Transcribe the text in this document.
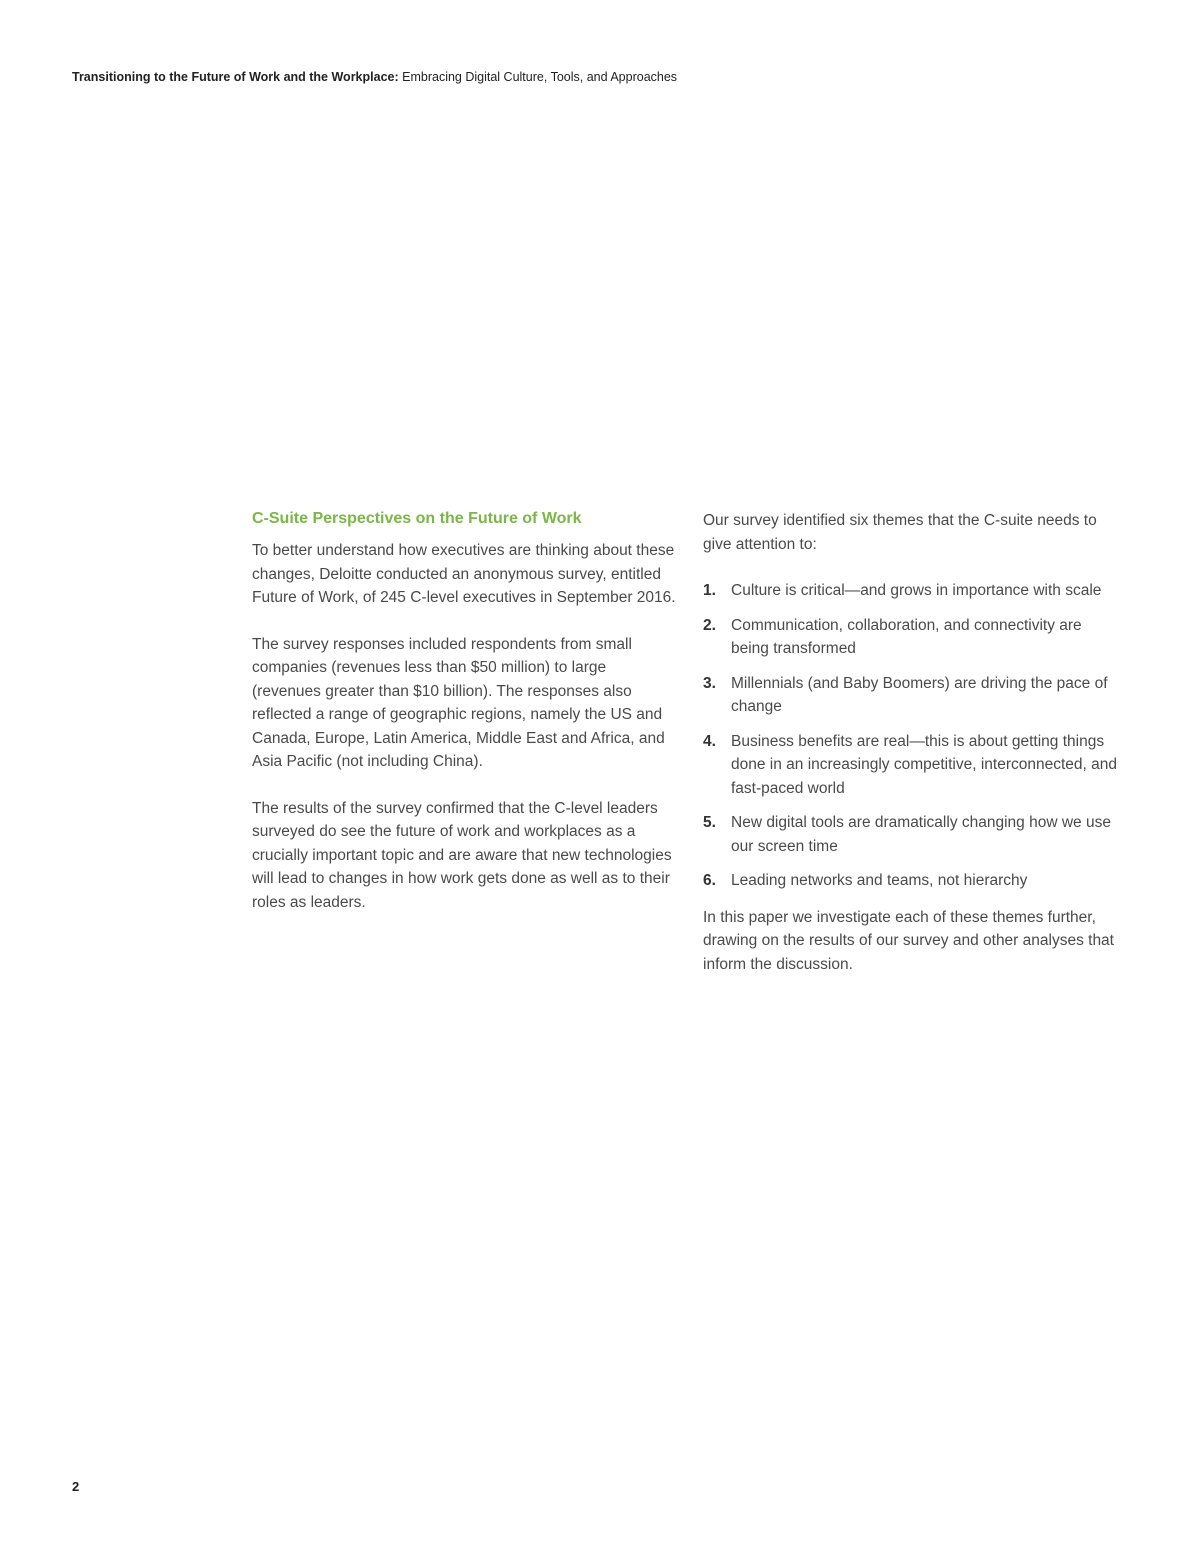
Transitioning to the Future of Work and the Workplace: Embracing Digital Culture, Tools, and Approaches
C-Suite Perspectives on the Future of Work

To better understand how executives are thinking about these changes, Deloitte conducted an anonymous survey, entitled Future of Work, of 245 C-level executives in September 2016.

The survey responses included respondents from small companies (revenues less than $50 million) to large (revenues greater than $10 billion). The responses also reflected a range of geographic regions, namely the US and Canada, Europe, Latin America, Middle East and Africa, and Asia Pacific (not including China).

The results of the survey confirmed that the C-level leaders surveyed do see the future of work and workplaces as a crucially important topic and are aware that new technologies will lead to changes in how work gets done as well as to their roles as leaders.

Our survey identified six themes that the C-suite needs to give attention to:

1. Culture is critical—and grows in importance with scale
2. Communication, collaboration, and connectivity are being transformed
3. Millennials (and Baby Boomers) are driving the pace of change
4. Business benefits are real—this is about getting things done in an increasingly competitive, interconnected, and fast-paced world
5. New digital tools are dramatically changing how we use our screen time
6. Leading networks and teams, not hierarchy

In this paper we investigate each of these themes further, drawing on the results of our survey and other analyses that inform the discussion.

2
